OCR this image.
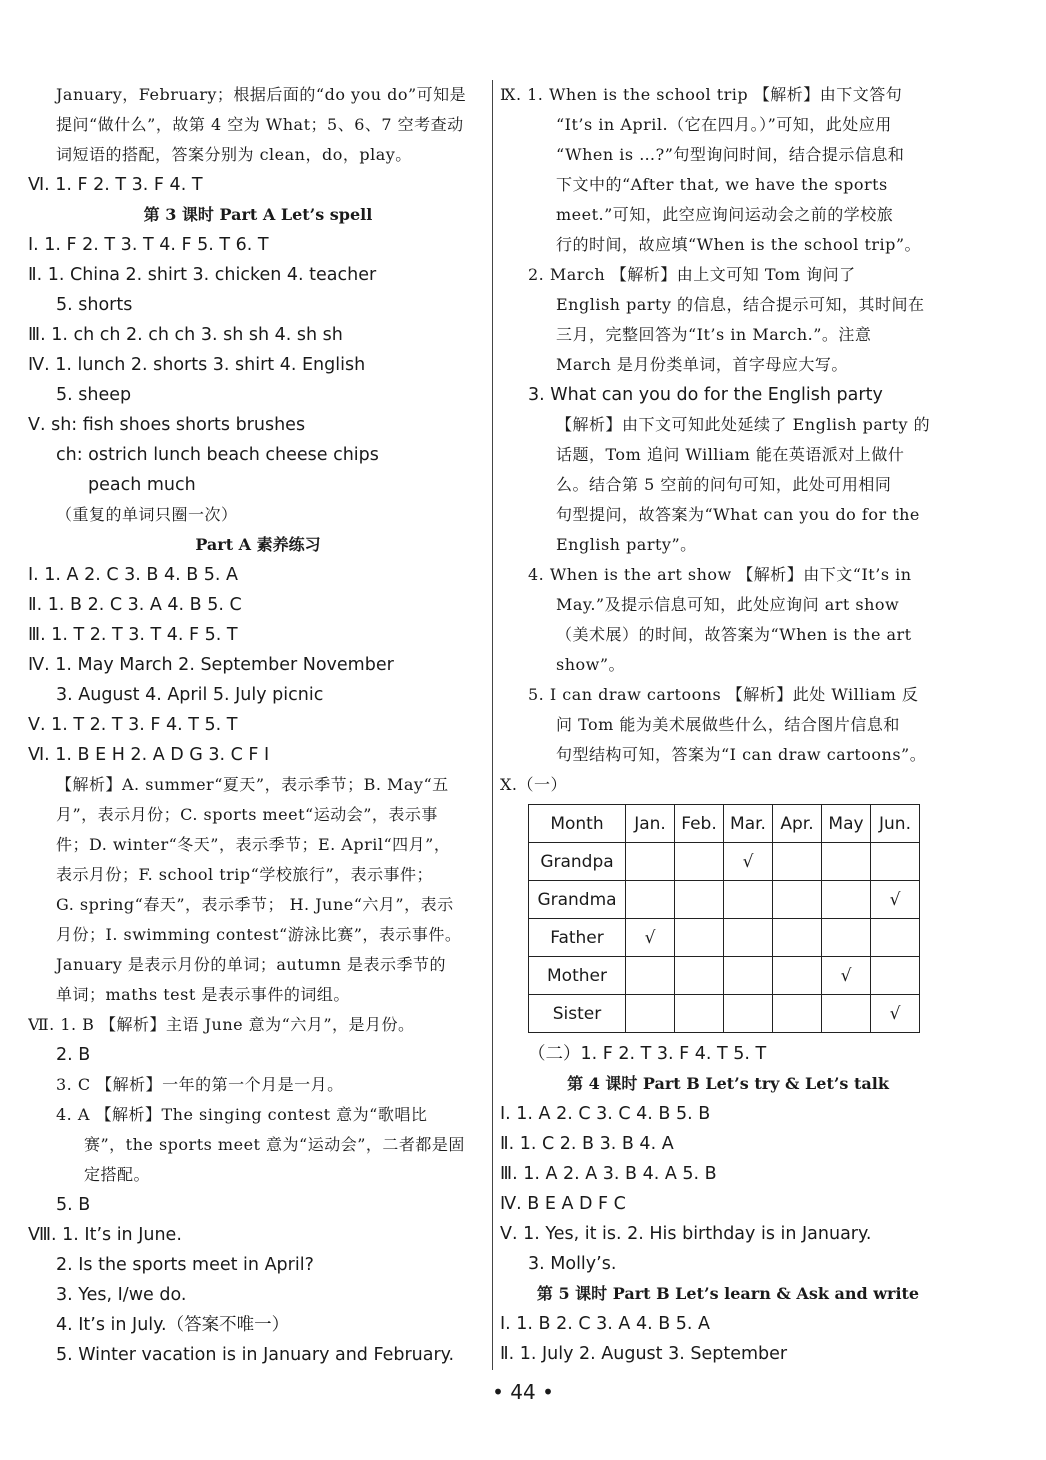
January，February；根据后面的“do you do”可知是
提问“做什么”，故第 4 空为 What；5、6、7 空考查动
词短语的搭配，答案分别为 clean，do，play。
Ⅵ. 1. F 2. T 3. F 4. T
第 3 课时 Part A Let’s spell
Ⅰ. 1. F 2. T 3. T 4. F 5. T 6. T
Ⅱ. 1. China 2. shirt 3. chicken 4. teacher
5. shorts
Ⅲ. 1. ch ch 2. ch ch 3. sh sh 4. sh sh
Ⅳ. 1. lunch 2. shorts 3. shirt 4. English
5. sheep
Ⅴ. sh: fish shoes shorts brushes
ch: ostrich lunch beach cheese chips
peach much
（重复的单词只圈一次）
Part A 素养练习
Ⅰ. 1. A 2. C 3. B 4. B 5. A
Ⅱ. 1. B 2. C 3. A 4. B 5. C
Ⅲ. 1. T 2. T 3. T 4. F 5. T
Ⅳ. 1. May March 2. September November
3. August 4. April 5. July picnic
Ⅴ. 1. T 2. T 3. F 4. T 5. T
Ⅵ. 1. B E H 2. A D G 3. C F I
【解析】A. summer“夏天”，表示季节；B. May“五
月”，表示月份；C. sports meet“运动会”，表示事
件；D. winter“冬天”，表示季节；E. April“四月”，
表示月份；F. school trip“学校旅行”，表示事件；
G. spring“春天”，表示季节； H. June“六月”，表示
月份；I. swimming contest“游泳比赛”，表示事件。
January 是表示月份的单词；autumn 是表示季节的
单词；maths test 是表示事件的词组。
Ⅶ. 1. B 【解析】主语 June 意为“六月”，是月份。
2. B
3. C 【解析】一年的第一个月是一月。
4. A 【解析】The singing contest 意为“歌唱比
赛”，the sports meet 意为“运动会”，二者都是固
定搭配。
5. B
Ⅷ. 1. It’s in June.
2. Is the sports meet in April?
3. Yes, I/we do.
4. It’s in July.（答案不唯一）
5. Winter vacation is in January and February.
Ⅸ. 1. When is the school trip 【解析】由下文答句
“It’s in April.（它在四月。）”可知，此处应用
“When is …?”句型询问时间，结合提示信息和
下文中的“After that, we have the sports
meet.”可知，此空应询问运动会之前的学校旅
行的时间，故应填“When is the school trip”。
2. March 【解析】由上文可知 Tom 询问了
English party 的信息，结合提示可知，其时间在
三月，完整回答为“It’s in March.”。注意
March 是月份类单词，首字母应大写。
3. What can you do for the English party
【解析】由下文可知此处延续了 English party 的
话题，Tom 追问 William 能在英语派对上做什
么。结合第 5 空前的问句可知，此处可用相同
句型提问，故答案为“What can you do for the
English party”。
4. When is the art show 【解析】由下文“It’s in
May.”及提示信息可知，此处应询问 art show
（美术展）的时间，故答案为“When is the art
show”。
5. I can draw cartoons 【解析】此处 William 反
问 Tom 能为美术展做些什么，结合图片信息和
句型结构可知，答案为“I can draw cartoons”。
Ⅹ.（一）
Month	Jan.	Feb.	Mar.	Apr.	May	Jun.
Grandpa			√			
Grandma						√
Father	√					
Mother					√	
Sister						√
（二）1. F 2. T 3. F 4. T 5. T
第 4 课时 Part B Let’s try & Let’s talk
Ⅰ. 1. A 2. C 3. C 4. B 5. B
Ⅱ. 1. C 2. B 3. B 4. A
Ⅲ. 1. A 2. A 3. B 4. A 5. B
Ⅳ. B E A D F C
Ⅴ. 1. Yes, it is. 2. His birthday is in January.
3. Molly’s.
第 5 课时 Part B Let’s learn & Ask and write
Ⅰ. 1. B 2. C 3. A 4. B 5. A
Ⅱ. 1. July 2. August 3. September
• 44 •
